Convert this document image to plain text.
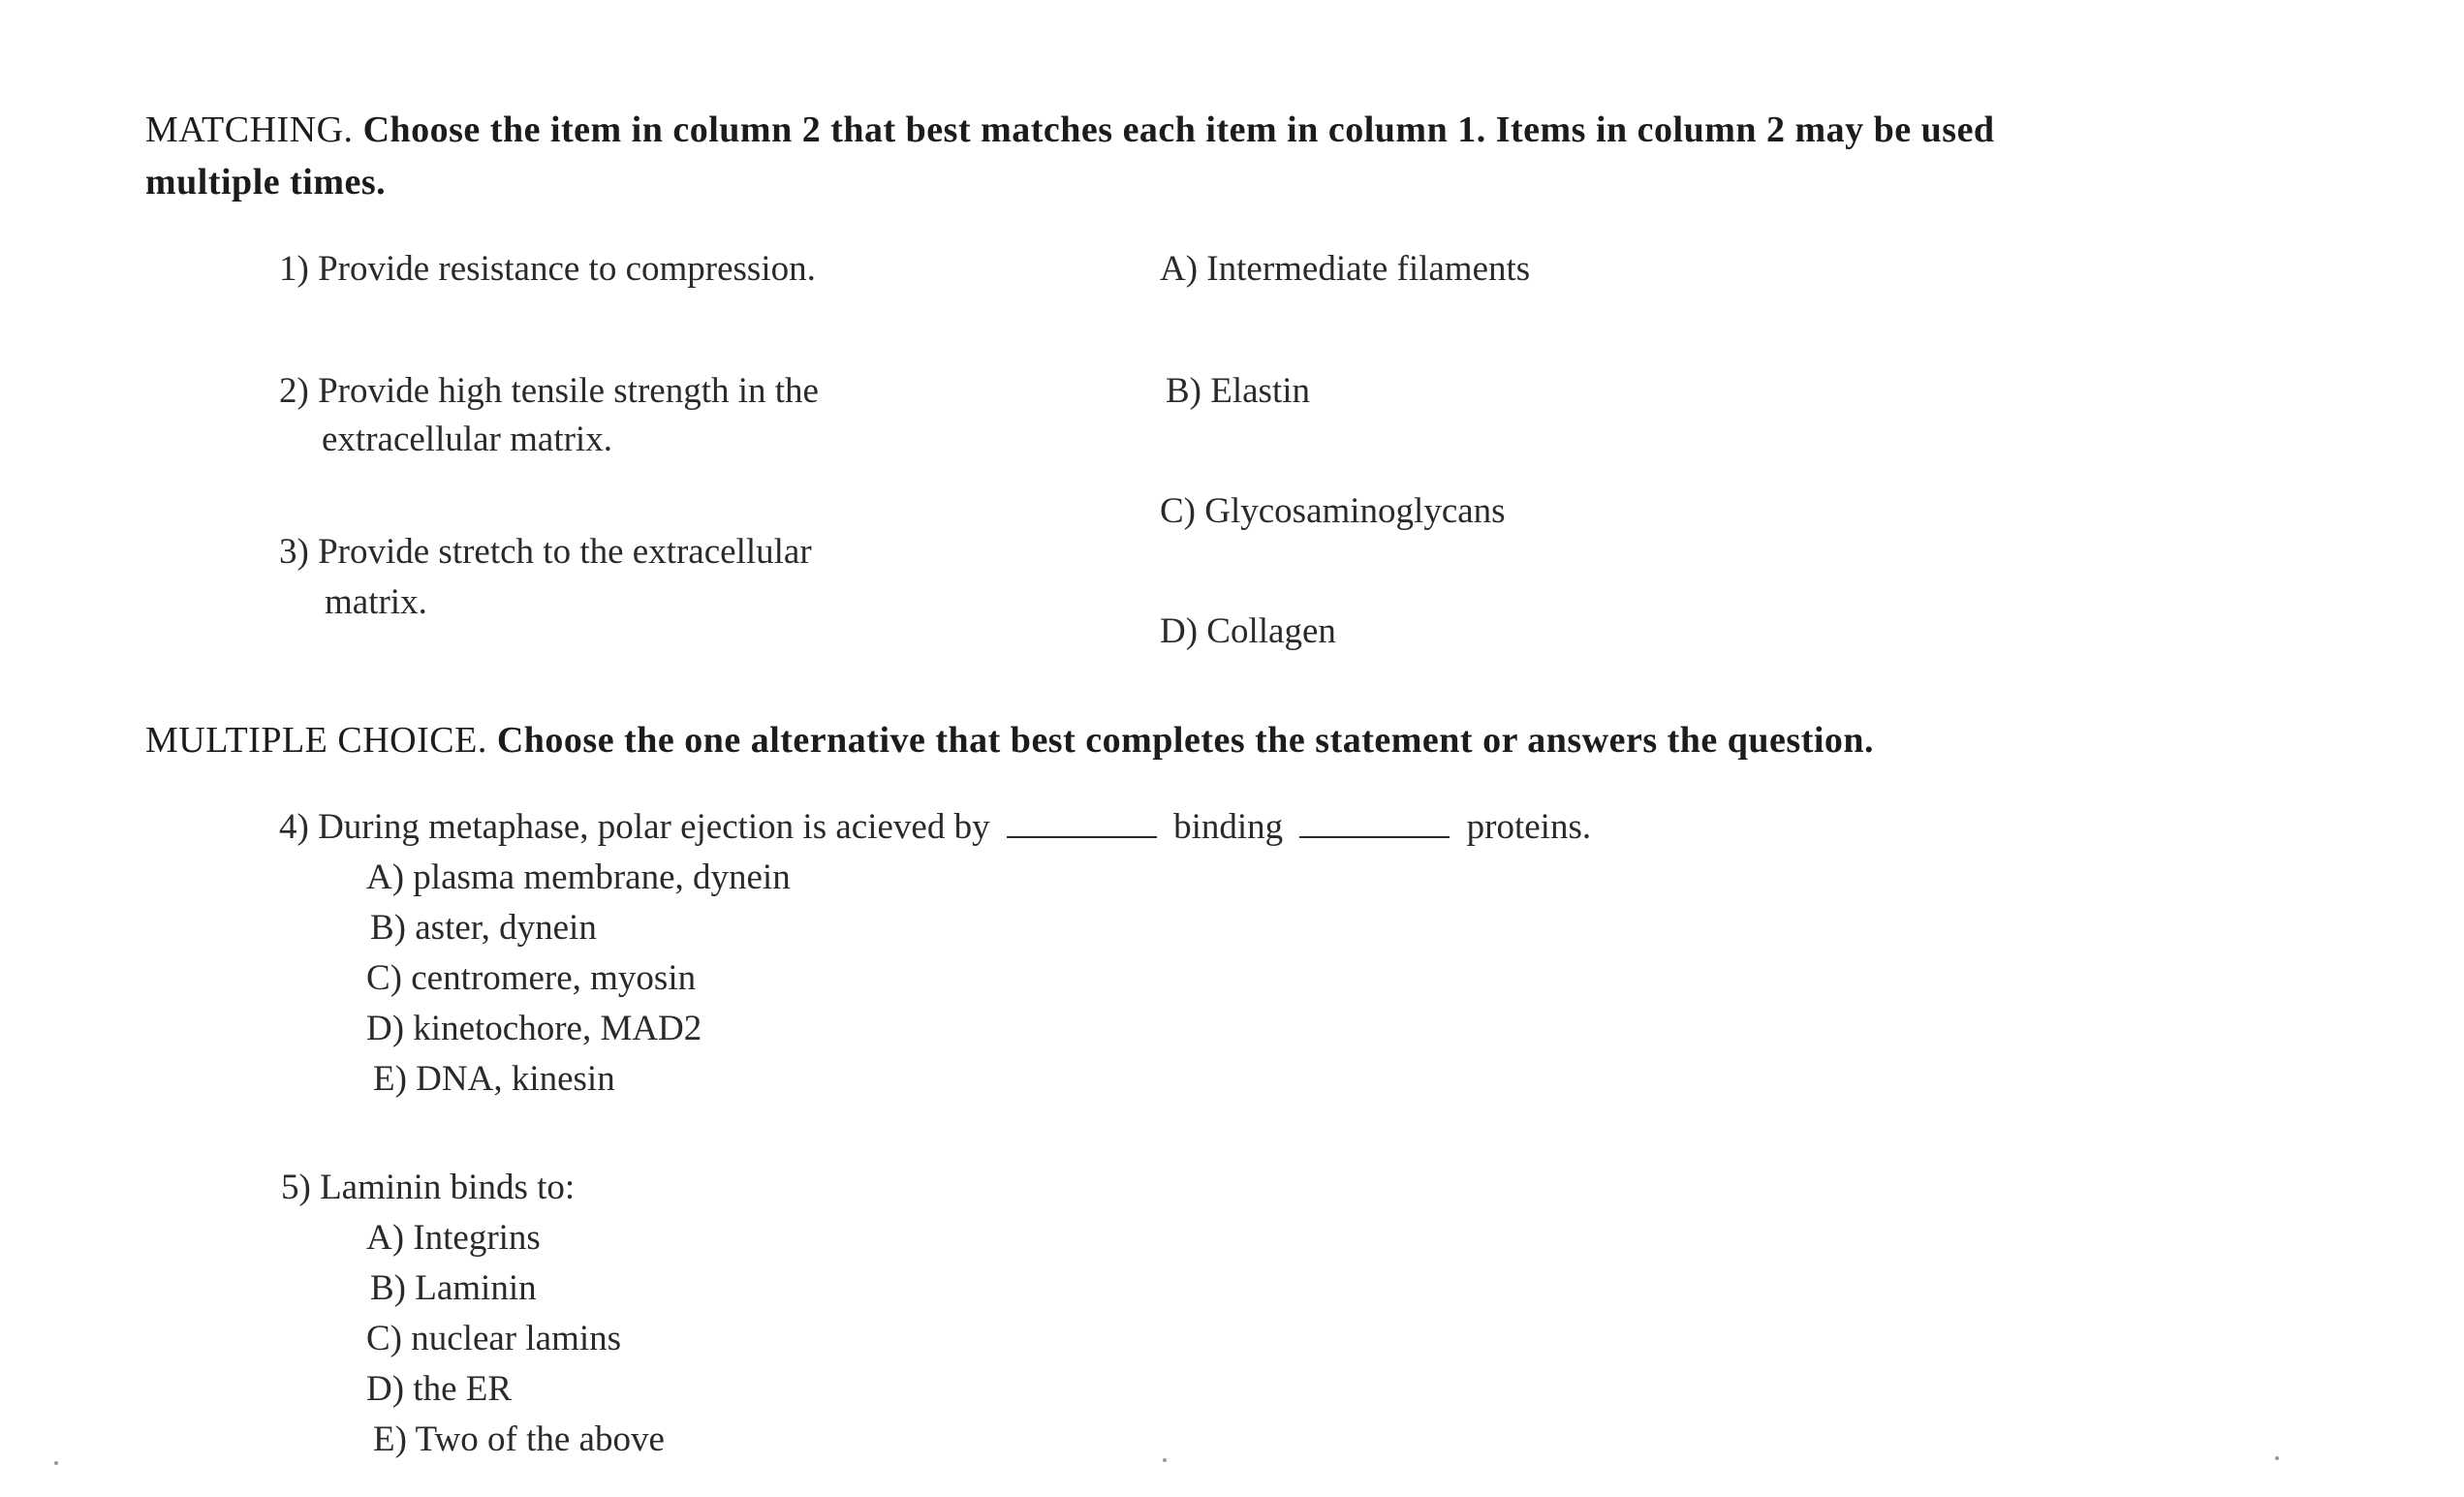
MATCHING. Choose the item in column 2 that best matches each item in column 1. Items in column 2 may be used
multiple times.
1) Provide resistance to compression.
2) Provide high tensile strength in the
extracellular matrix.
3) Provide stretch to the extracellular
matrix.
A) Intermediate filaments
B) Elastin
C) Glycosaminoglycans
D) Collagen
MULTIPLE CHOICE. Choose the one alternative that best completes the statement or answers the question.
4) During metaphase, polar ejection is acieved by	binding	proteins.
A) plasma membrane, dynein
B) aster, dynein
C) centromere, myosin
D) kinetochore, MAD2
E) DNA, kinesin
5) Laminin binds to:
A) Integrins
B) Laminin
C) nuclear lamins
D) the ER
E) Two of the above
